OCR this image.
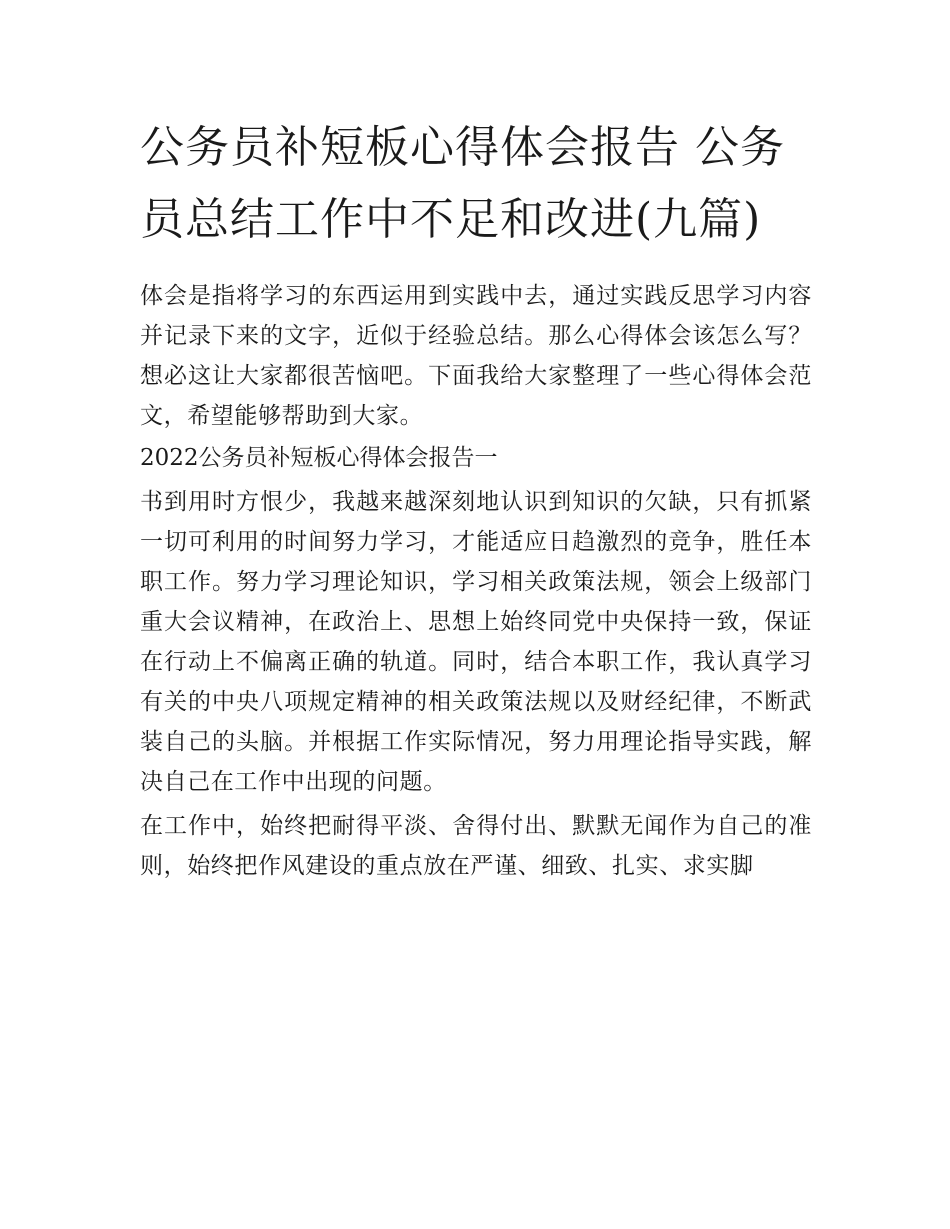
公务员补短板心得体会报告 公务员总结工作中不足和改进(九篇)

体会是指将学习的东西运用到实践中去，通过实践反思学习内容并记录下来的文字，近似于经验总结。那么心得体会该怎么写？想必这让大家都很苦恼吧。下面我给大家整理了一些心得体会范文，希望能够帮助到大家。

2022公务员补短板心得体会报告一

书到用时方恨少，我越来越深刻地认识到知识的欠缺，只有抓紧一切可利用的时间努力学习，才能适应日趋激烈的竞争，胜任本职工作。努力学习理论知识，学习相关政策法规，领会上级部门重大会议精神，在政治上、思想上始终同党中央保持一致，保证在行动上不偏离正确的轨道。同时，结合本职工作，我认真学习有关的中央八项规定精神的相关政策法规以及财经纪律，不断武装自己的头脑。并根据工作实际情况，努力用理论指导实践，解决自己在工作中出现的问题。

在工作中，始终把耐得平淡、舍得付出、默默无闻作为自己的准则，始终把作风建设的重点放在严谨、细致、扎实、求实脚
